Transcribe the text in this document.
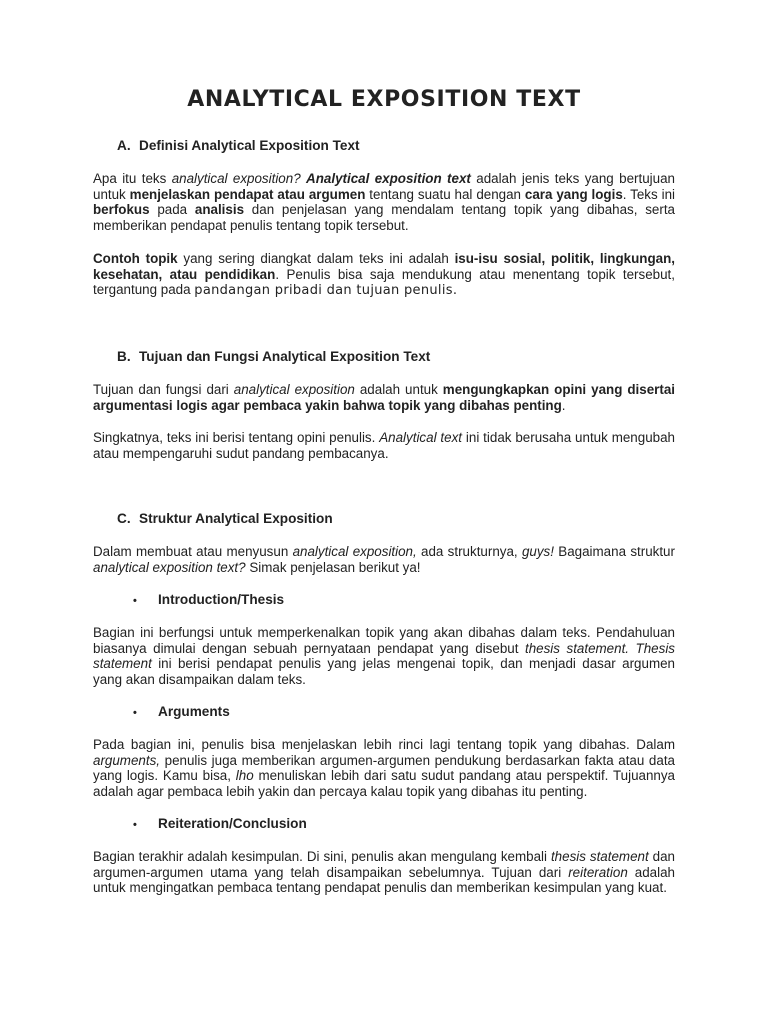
ANALYTICAL EXPOSITION TEXT
A. Definisi Analytical Exposition Text
Apa itu teks analytical exposition? Analytical exposition text adalah jenis teks yang bertujuan untuk menjelaskan pendapat atau argumen tentang suatu hal dengan cara yang logis. Teks ini berfokus pada analisis dan penjelasan yang mendalam tentang topik yang dibahas, serta memberikan pendapat penulis tentang topik tersebut.
Contoh topik yang sering diangkat dalam teks ini adalah isu-isu sosial, politik, lingkungan, kesehatan, atau pendidikan. Penulis bisa saja mendukung atau menentang topik tersebut, tergantung pada pandangan pribadi dan tujuan penulis.
B. Tujuan dan Fungsi Analytical Exposition Text
Tujuan dan fungsi dari analytical exposition adalah untuk mengungkapkan opini yang disertai argumentasi logis agar pembaca yakin bahwa topik yang dibahas penting.
Singkatnya, teks ini berisi tentang opini penulis. Analytical text ini tidak berusaha untuk mengubah atau mempengaruhi sudut pandang pembacanya.
C. Struktur Analytical Exposition
Dalam membuat atau menyusun analytical exposition, ada strukturnya, guys! Bagaimana struktur analytical exposition text? Simak penjelasan berikut ya!
• Introduction/Thesis
Bagian ini berfungsi untuk memperkenalkan topik yang akan dibahas dalam teks. Pendahuluan biasanya dimulai dengan sebuah pernyataan pendapat yang disebut thesis statement. Thesis statement ini berisi pendapat penulis yang jelas mengenai topik, dan menjadi dasar argumen yang akan disampaikan dalam teks.
• Arguments
Pada bagian ini, penulis bisa menjelaskan lebih rinci lagi tentang topik yang dibahas. Dalam arguments, penulis juga memberikan argumen-argumen pendukung berdasarkan fakta atau data yang logis. Kamu bisa, lho menuliskan lebih dari satu sudut pandang atau perspektif. Tujuannya adalah agar pembaca lebih yakin dan percaya kalau topik yang dibahas itu penting.
• Reiteration/Conclusion
Bagian terakhir adalah kesimpulan. Di sini, penulis akan mengulang kembali thesis statement dan argumen-argumen utama yang telah disampaikan sebelumnya. Tujuan dari reiteration adalah untuk mengingatkan pembaca tentang pendapat penulis dan memberikan kesimpulan yang kuat.
